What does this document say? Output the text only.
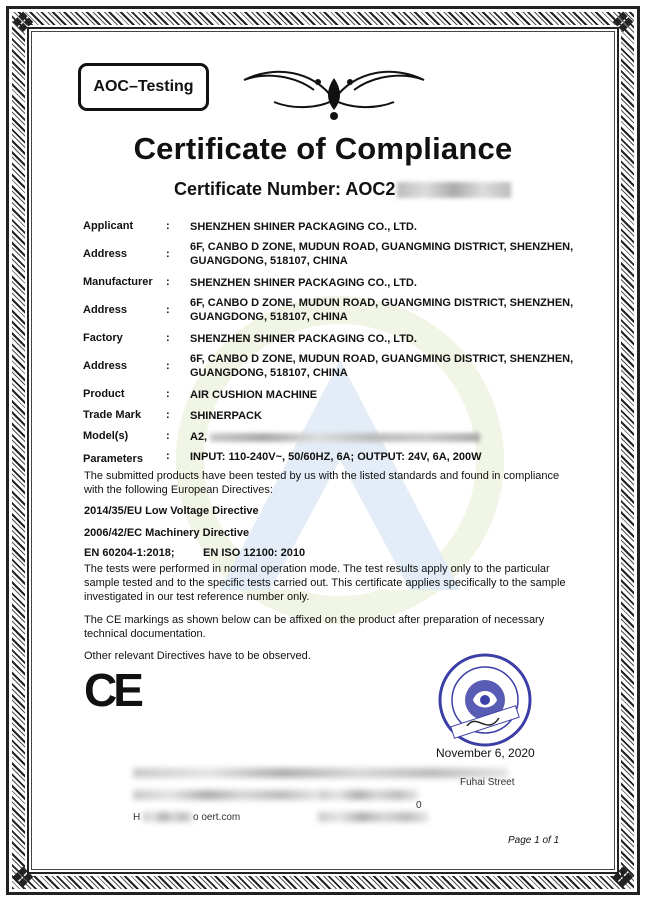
❖	❖
❖	❖
AOC–Testing
Certificate of Compliance
Certificate Number: AOC2
Applicant	: SHENZHEN SHINER PACKAGING CO., LTD.
Address	:
6F, CANBO D ZONE, MUDUN ROAD, GUANGMING DISTRICT, SHENZHEN,
GUANGDONG, 518107, CHINA
Manufacturer : SHENZHEN SHINER PACKAGING CO., LTD.
Address	:
6F, CANBO D ZONE, MUDUN ROAD, GUANGMING DISTRICT, SHENZHEN,
GUANGDONG, 518107, CHINA
Factory	: SHENZHEN SHINER PACKAGING CO., LTD.
Address	:
6F, CANBO D ZONE, MUDUN ROAD, GUANGMING DISTRICT, SHENZHEN,
GUANGDONG, 518107, CHINA
Product	: AIR CUSHION MACHINE
Trade Mark : SHINERPACK
Model(s)	: A2,
Parameters : INPUT: 110-240V~, 50/60HZ, 6A; OUTPUT: 24V, 6A, 200W
The submitted products have been tested by us with the listed standards and found in compliance
with the following European Directives:
2014/35/EU Low Voltage Directive
2006/42/EC Machinery Directive
EN 60204-1:2018;	EN ISO 12100: 2010
The tests were performed in normal operation mode. The test results apply only to the particular
sample tested and to the specific tests carried out. This certificate applies specifically to the sample
investigated in our test reference number only.
The CE markings as shown below can be affixed on the product after preparation of necessary
technical documentation.
Other relevant Directives have to be observed.
CE
November 6, 2020
Fuhai Street
0
H	o oert.com
Page 1 of 1
